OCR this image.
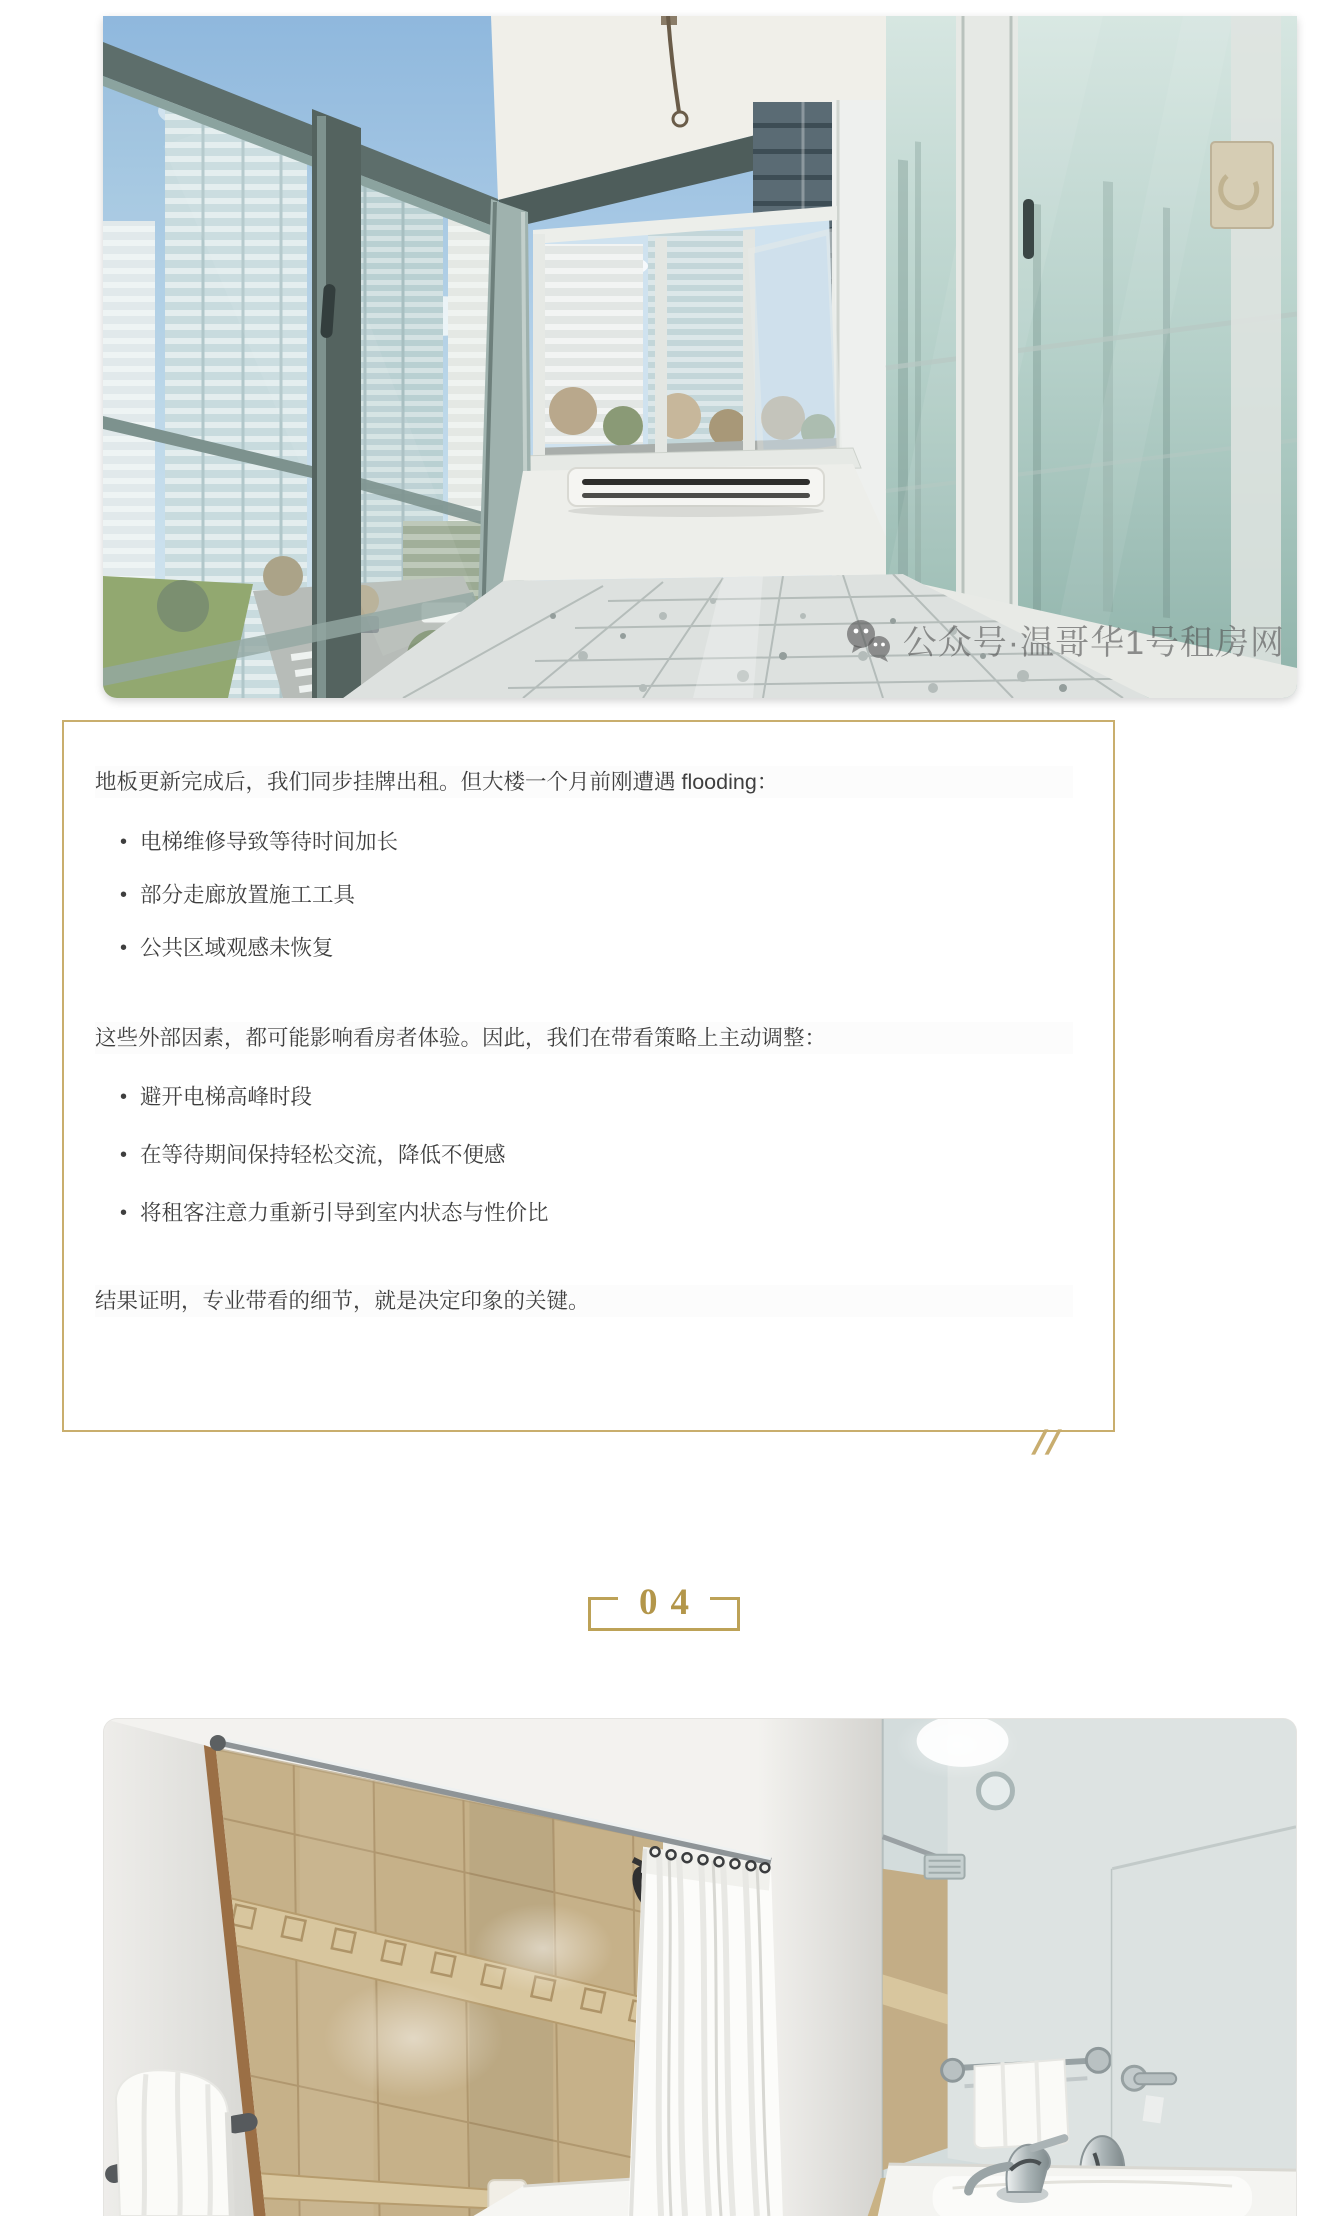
公众号·温哥华1号租房网

地板更新完成后，我们同步挂牌出租。但大楼一个月前刚遭遇 flooding：

• 电梯维修导致等待时间加长
• 部分走廊放置施工工具
• 公共区域观感未恢复

这些外部因素，都可能影响看房者体验。因此，我们在带看策略上主动调整：

• 避开电梯高峰时段
• 在等待期间保持轻松交流，降低不便感
• 将租客注意力重新引导到室内状态与性价比

结果证明，专业带看的细节，就是决定印象的关键。

//
04
